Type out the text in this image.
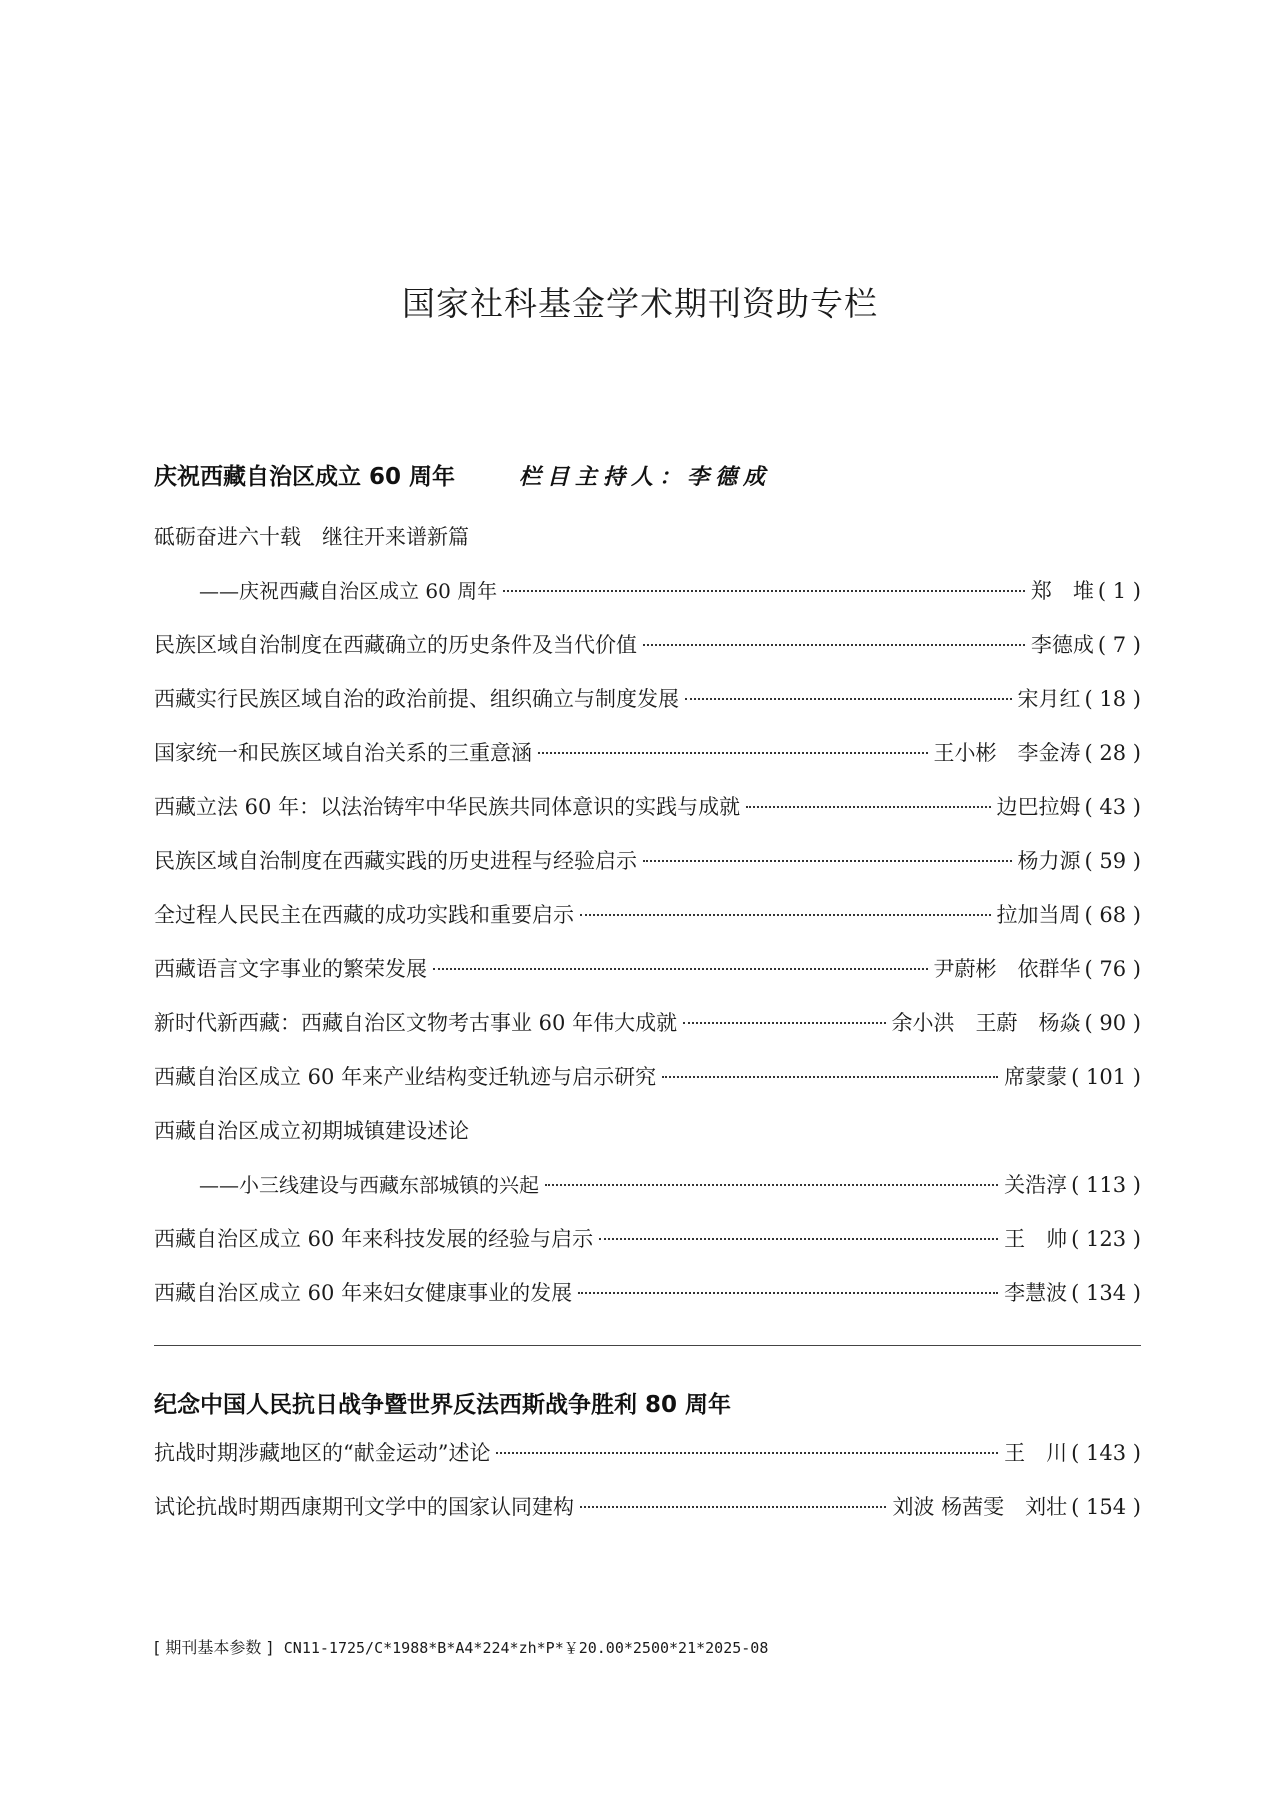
国家社科基金学术期刊资助专栏
庆祝西藏自治区成立 60 周年	栏目主持人：李德成
砥砺奋进六十载　继往开来谱新篇
——庆祝西藏自治区成立 60 周年	郑　堆 ( 1 )
民族区域自治制度在西藏确立的历史条件及当代价值	李德成 ( 7 )
西藏实行民族区域自治的政治前提、组织确立与制度发展	宋月红 ( 18 )
国家统一和民族区域自治关系的三重意涵	王小彬　李金涛 ( 28 )
西藏立法 60 年：以法治铸牢中华民族共同体意识的实践与成就	边巴拉姆 ( 43 )
民族区域自治制度在西藏实践的历史进程与经验启示	杨力源 ( 59 )
全过程人民民主在西藏的成功实践和重要启示	拉加当周 ( 68 )
西藏语言文字事业的繁荣发展	尹蔚彬　依群华 ( 76 )
新时代新西藏：西藏自治区文物考古事业 60 年伟大成就	余小洪　王蔚　杨焱 ( 90 )
西藏自治区成立 60 年来产业结构变迁轨迹与启示研究	席蒙蒙 ( 101 )
西藏自治区成立初期城镇建设述论
——小三线建设与西藏东部城镇的兴起	关浩淳 ( 113 )
西藏自治区成立 60 年来科技发展的经验与启示	王　帅 ( 123 )
西藏自治区成立 60 年来妇女健康事业的发展	李慧波 ( 134 )
纪念中国人民抗日战争暨世界反法西斯战争胜利 80 周年
抗战时期涉藏地区的“献金运动”述论	王　川 ( 143 )
试论抗战时期西康期刊文学中的国家认同建构	刘波 杨茜雯　刘壮 ( 154 )
[ 期刊基本参数 ] CN11-1725/C*1988*B*A4*224*zh*P*￥20.00*2500*21*2025-08
